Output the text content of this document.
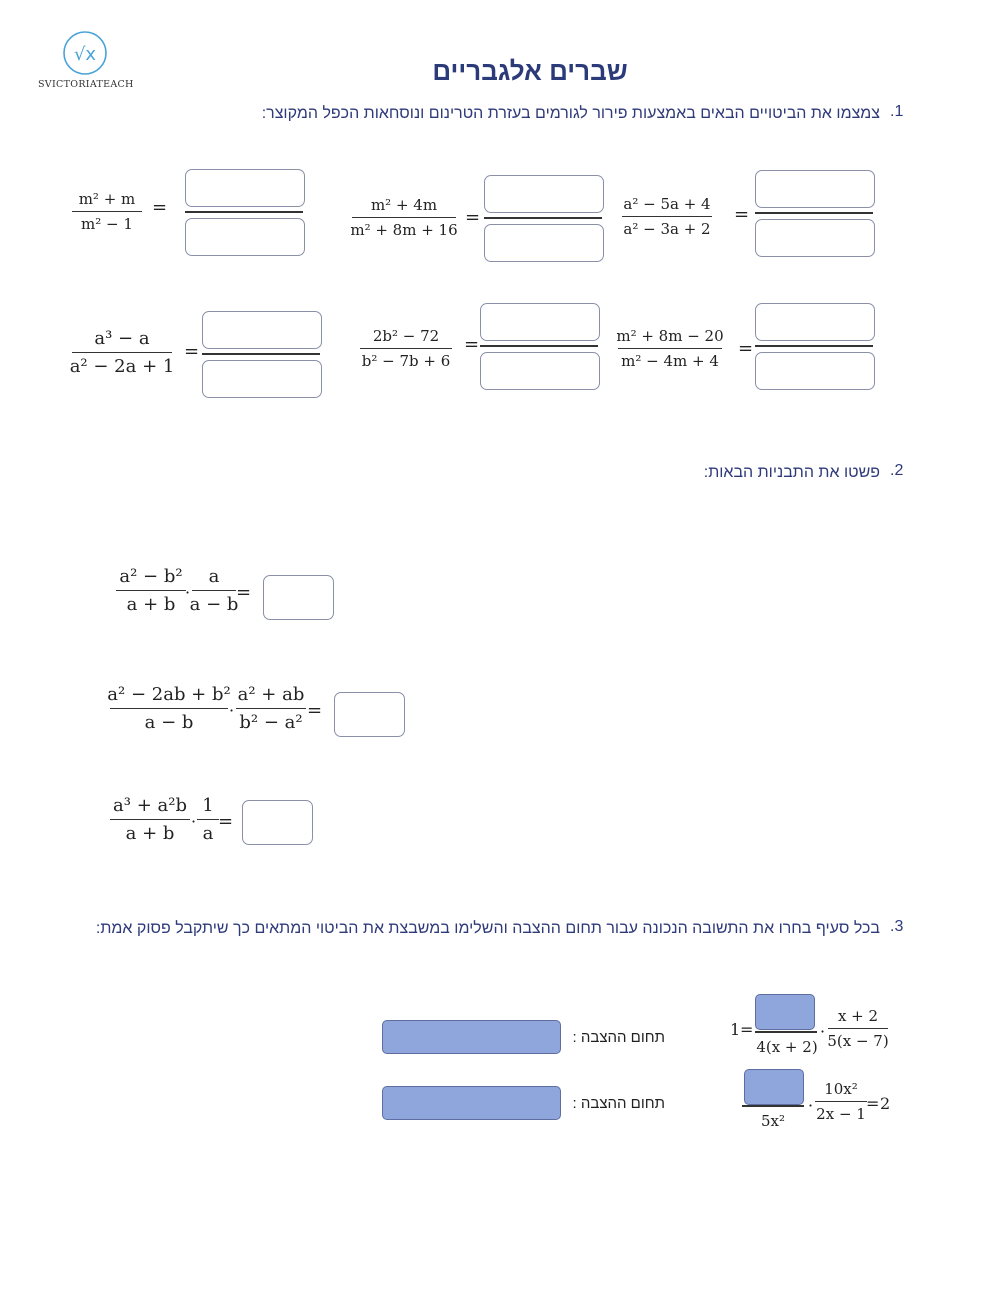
√x
SVICTORIATEACH	שברים אלגבריים
.1
צמצמו את הביטויים הבאים באמצעות פירור לגורמים בעזרת הטרינום ונוסחאות הכפל המקוצר:
m² + m
m² − 1
=	m² + 4m
m² + 8m + 16
=
a² − 5a + 4
a² − 3a + 2
=
a³ − a
a² − 2a + 1
=
2b² − 72
b² − 7b + 6
=	m² + 8m − 20
m² − 4m + 4
=
.2
פשטו את התבניות הבאות:
a² − b²
a + b
·
a
a − b
=
a² − 2ab + b²
a − b
·
a² + ab
b² − a²
=
a³ + a²b
a + b
·
1
a
=
.3
בכל סעיף בחרו את התשובה הנכונה עבור תחום ההצבה והשלימו במשבצת את הביטוי המתאים כך שיתקבל פסוק אמת:
תחום ההצבה :	1 =
4(x + 2)
·
x + 2
5(x − 7)
תחום ההצבה :
5x²
·
10x²
2x − 1
= 2
